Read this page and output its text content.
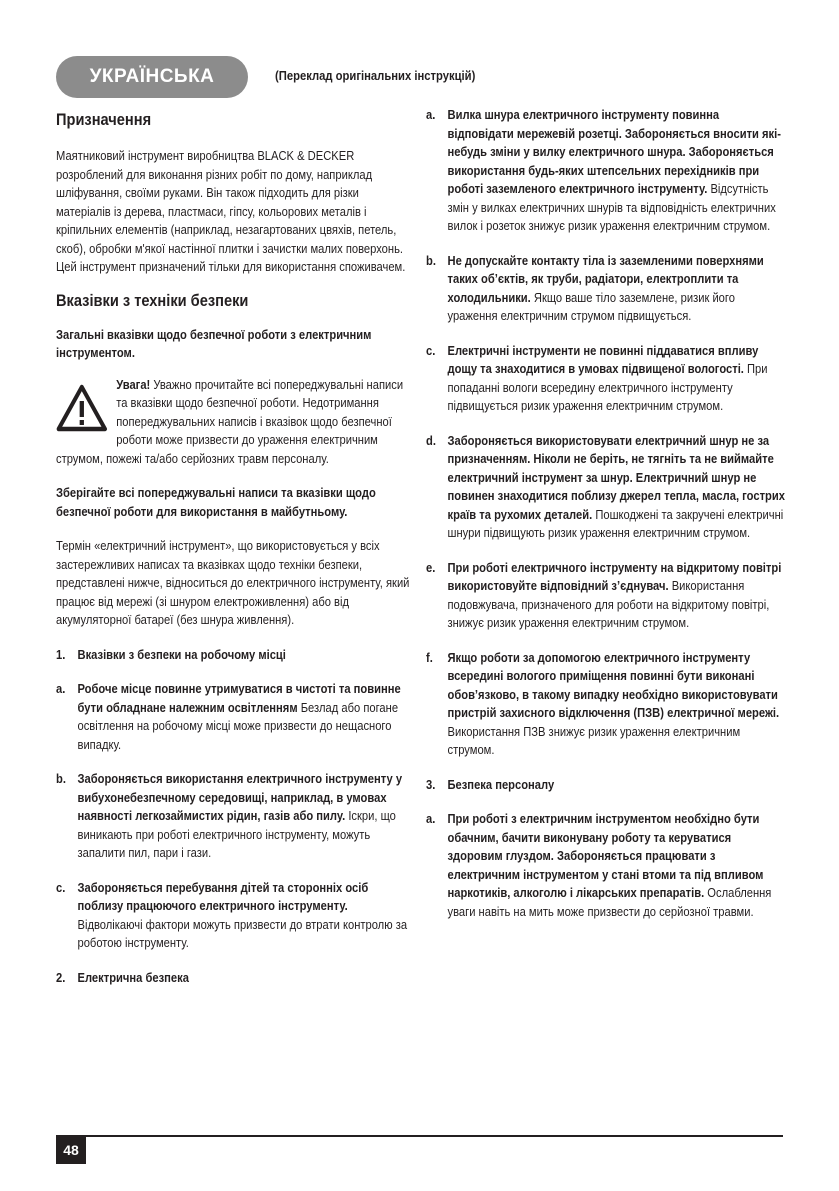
УКРАЇНСЬКА	(Переклад оригінальних інструкцій)
Призначення
Маятниковий інструмент виробництва BLACK & DECKER розроблений для виконання різних робіт по дому, наприклад шліфування, своїми руками. Він також підходить для різки матеріалів із дерева, пластмаси, гіпсу, кольорових металів і кріпильних елементів (наприклад, незагартованих цвяхів, петель, скоб), обробки м'якої настінної плитки і зачистки малих поверхонь. Цей інструмент призначений тільки для використання споживачем.
Вказівки з техніки безпеки
Загальні вказівки щодо безпечної роботи з електричним інструментом.
Увага! Уважно прочитайте всі попереджувальні написи та вказівки щодо безпечної роботи. Недотримання попереджувальних написів і вказівок щодо безпечної роботи може призвести до ураження електричним струмом, пожежі та/або серйозних травм персоналу.
Зберігайте всі попереджувальні написи та вказівки щодо безпечної роботи для використання в майбутньому.
Термін «електричний інструмент», що використовується у всіх застережливих написах та вказівках щодо техніки безпеки, представлені нижче, відноситься до електричного інструменту, який працює від мережі (зі шнуром електроживлення) або від акумуляторної батареї (без шнура живлення).
1. Вказівки з безпеки на робочому місці
a. Робоче місце повинне утримуватися в чистоті та повинне бути обладнане належним освітленням Безлад або погане освітлення на робочому місці може призвести до нещасного випадку.
b. Забороняється використання електричного інструменту у вибухонебезпечному середовищі, наприклад, в умовах наявності легкозаймистих рідин, газів або пилу. Іскри, що виникають при роботі електричного інструменту, можуть запалити пил, пари і гази.
c. Забороняється перебування дітей та сторонніх осіб поблизу працюючого електричного інструменту. Відволікаючі фактори можуть призвести до втрати контролю за роботою інструменту.
2. Електрична безпека
a. Вилка шнура електричного інструменту повинна відповідати мережевій розетці. Забороняється вносити які-небудь зміни у вилку електричного шнура. Забороняється використання будь-яких штепсельних перехідників при роботі заземленого електричного інструменту. Відсутність змін у вилках електричних шнурів та відповідність електричних вилок і розеток знижує ризик ураження електричним струмом.
b. Не допускайте контакту тіла із заземленими поверхнями таких об’єктів, як труби, радіатори, електроплити та холодильники. Якщо ваше тіло заземлене, ризик його ураження електричним струмом підвищується.
c. Електричні інструменти не повинні піддаватися впливу дощу та знаходитися в умовах підвищеної вологості. При попаданні вологи всередину електричного інструменту підвищується ризик ураження електричним струмом.
d. Забороняється використовувати електричний шнур не за призначенням. Ніколи не беріть, не тягніть та не виймайте електричний інструмент за шнур. Електричний шнур не повинен знаходитися поблизу джерел тепла, масла, гострих країв та рухомих деталей. Пошкоджені та закручені електричні шнури підвищують ризик ураження електричним струмом.
e. При роботі електричного інструменту на відкритому повітрі використовуйте відповідний з’єднувач. Використання подовжувача, призначеного для роботи на відкритому повітрі, знижує ризик ураження електричним струмом.
f.	Якщо роботи за допомогою електричного інструменту всередині вологого приміщення повинні бути виконані обов’язково, в такому випадку необхідно використовувати пристрій захисного відключення (ПЗВ) електричної мережі. Використання ПЗВ знижує ризик ураження електричним струмом.
3. Безпека персоналу
a. При роботі з електричним інструментом необхідно бути обачним, бачити виконувану роботу та керуватися здоровим глуздом. Забороняється працювати з електричним інструментом у стані втоми та під впливом наркотиків, алкоголю і лікарських препаратів. Ослаблення уваги навіть на мить може призвести до серйозної травми.
48
